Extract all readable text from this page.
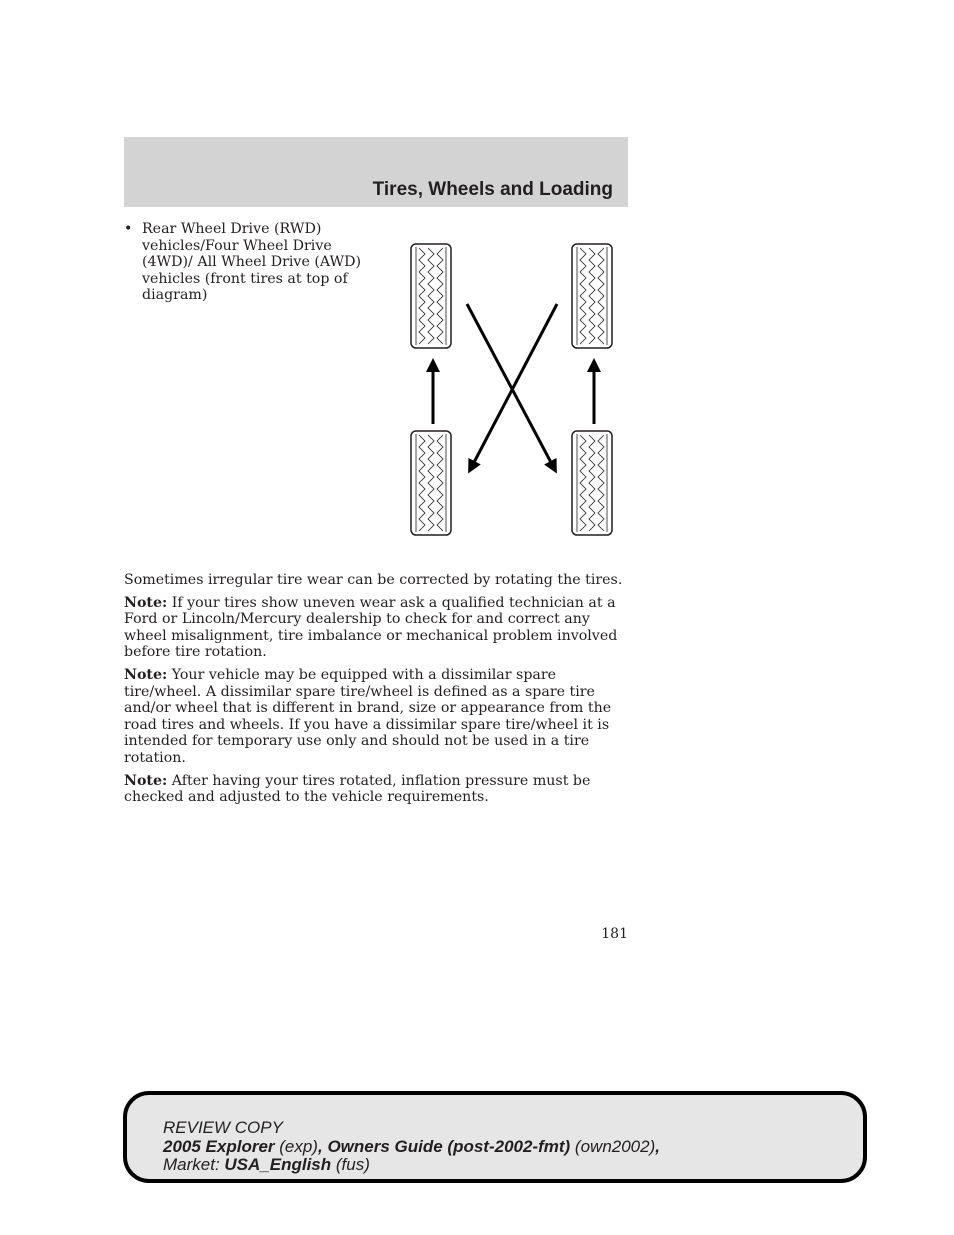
Tires, Wheels and Loading
• Rear Wheel Drive (RWD)
vehicles/Four Wheel Drive
(4WD)/ All Wheel Drive (AWD)
vehicles (front tires at top of
diagram)

Sometimes irregular tire wear can be corrected by rotating the tires.

Note: If your tires show uneven wear ask a qualified technician at a Ford or Lincoln/Mercury dealership to check for and correct any wheel misalignment, tire imbalance or mechanical problem involved before tire rotation.

Note: Your vehicle may be equipped with a dissimilar spare tire/wheel. A dissimilar spare tire/wheel is defined as a spare tire and/or wheel that is different in brand, size or appearance from the road tires and wheels. If you have a dissimilar spare tire/wheel it is intended for temporary use only and should not be used in a tire rotation.

Note: After having your tires rotated, inflation pressure must be checked and adjusted to the vehicle requirements.

181
REVIEW COPY
2005 Explorer (exp), Owners Guide (post-2002-fmt) (own2002),
Market: USA_English (fus)
